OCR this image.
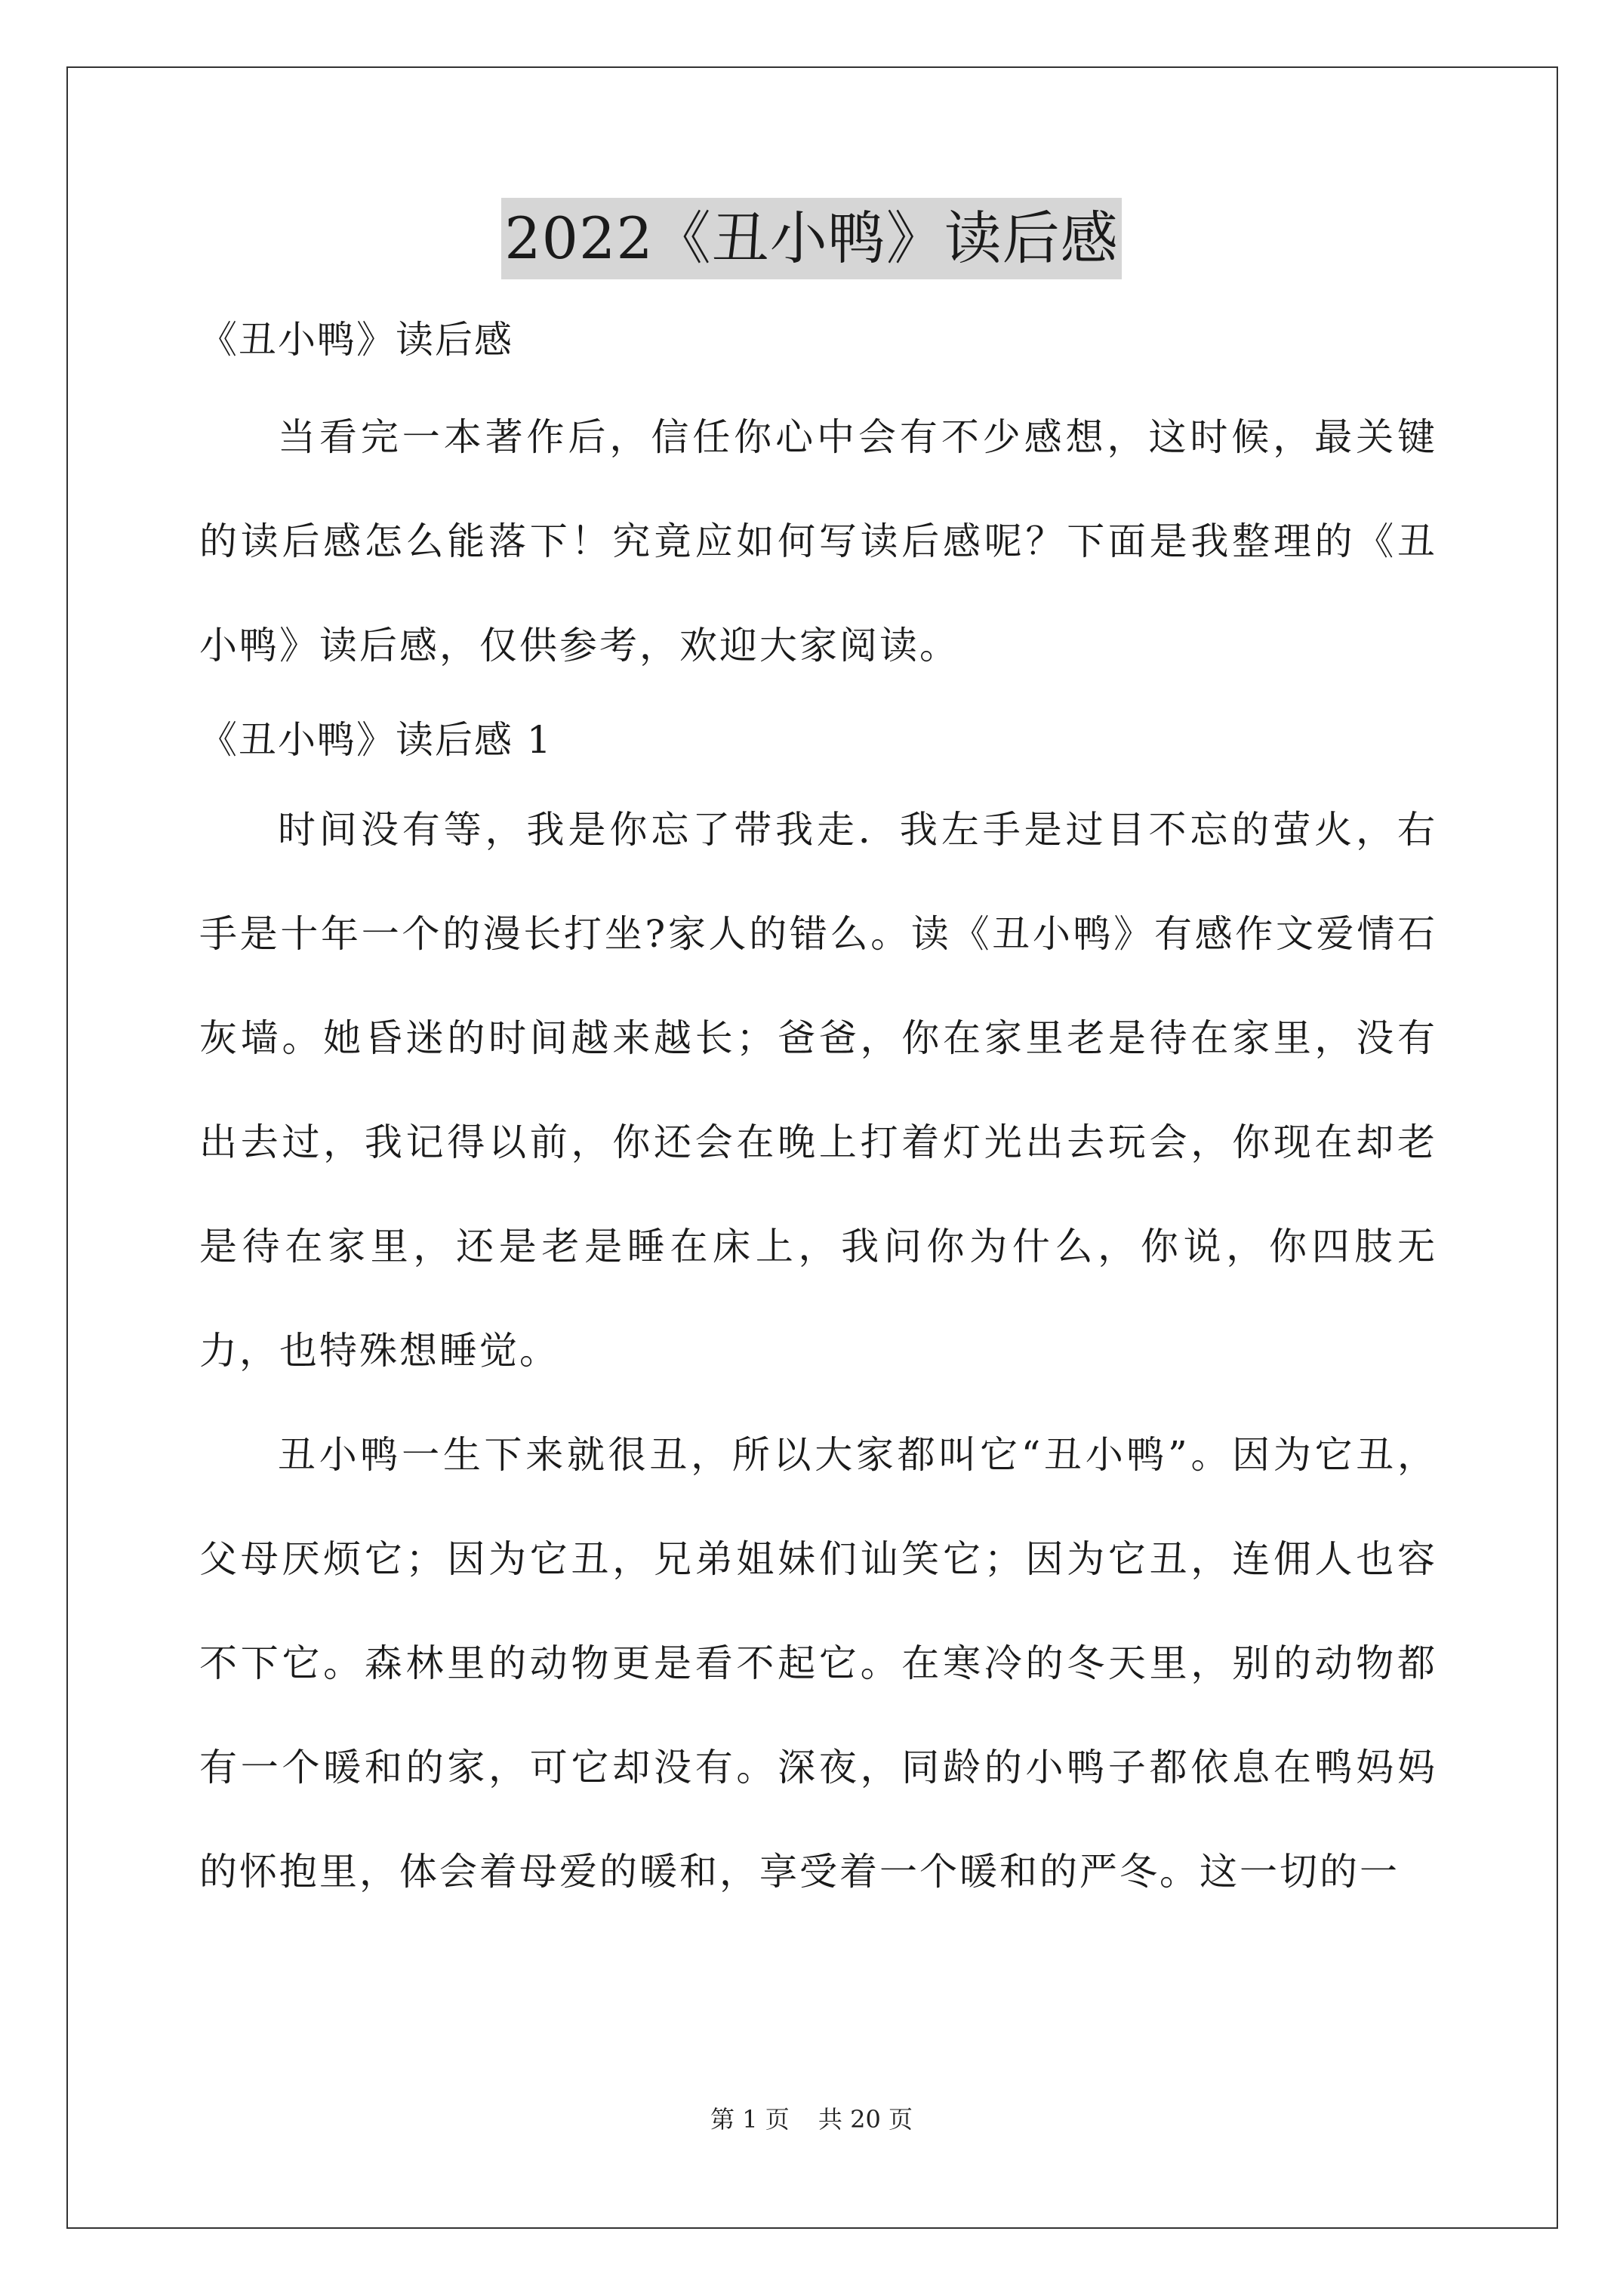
2022《丑小鸭》读后感

《丑小鸭》读后感

当看完一本著作后，信任你心中会有不少感想，这时候，最关键的读后感怎么能落下！究竟应如何写读后感呢？下面是我整理的《丑小鸭》读后感，仅供参考，欢迎大家阅读。

《丑小鸭》读后感 1

时间没有等，我是你忘了带我走．我左手是过目不忘的萤火，右手是十年一个的漫长打坐?家人的错么。读《丑小鸭》有感作文爱情石灰墙。她昏迷的时间越来越长；爸爸，你在家里老是待在家里，没有出去过，我记得以前，你还会在晚上打着灯光出去玩会，你现在却老是待在家里，还是老是睡在床上，我问你为什么，你说，你四肢无力，也特殊想睡觉。

丑小鸭一生下来就很丑，所以大家都叫它“丑小鸭”。因为它丑，父母厌烦它；因为它丑，兄弟姐妹们讪笑它；因为它丑，连佣人也容不下它。森林里的动物更是看不起它。在寒冷的冬天里，别的动物都有一个暖和的家，可它却没有。深夜，同龄的小鸭子都依息在鸭妈妈的怀抱里，体会着母爱的暖和，享受着一个暖和的严冬。这一切的一

第 1 页 共 20 页
